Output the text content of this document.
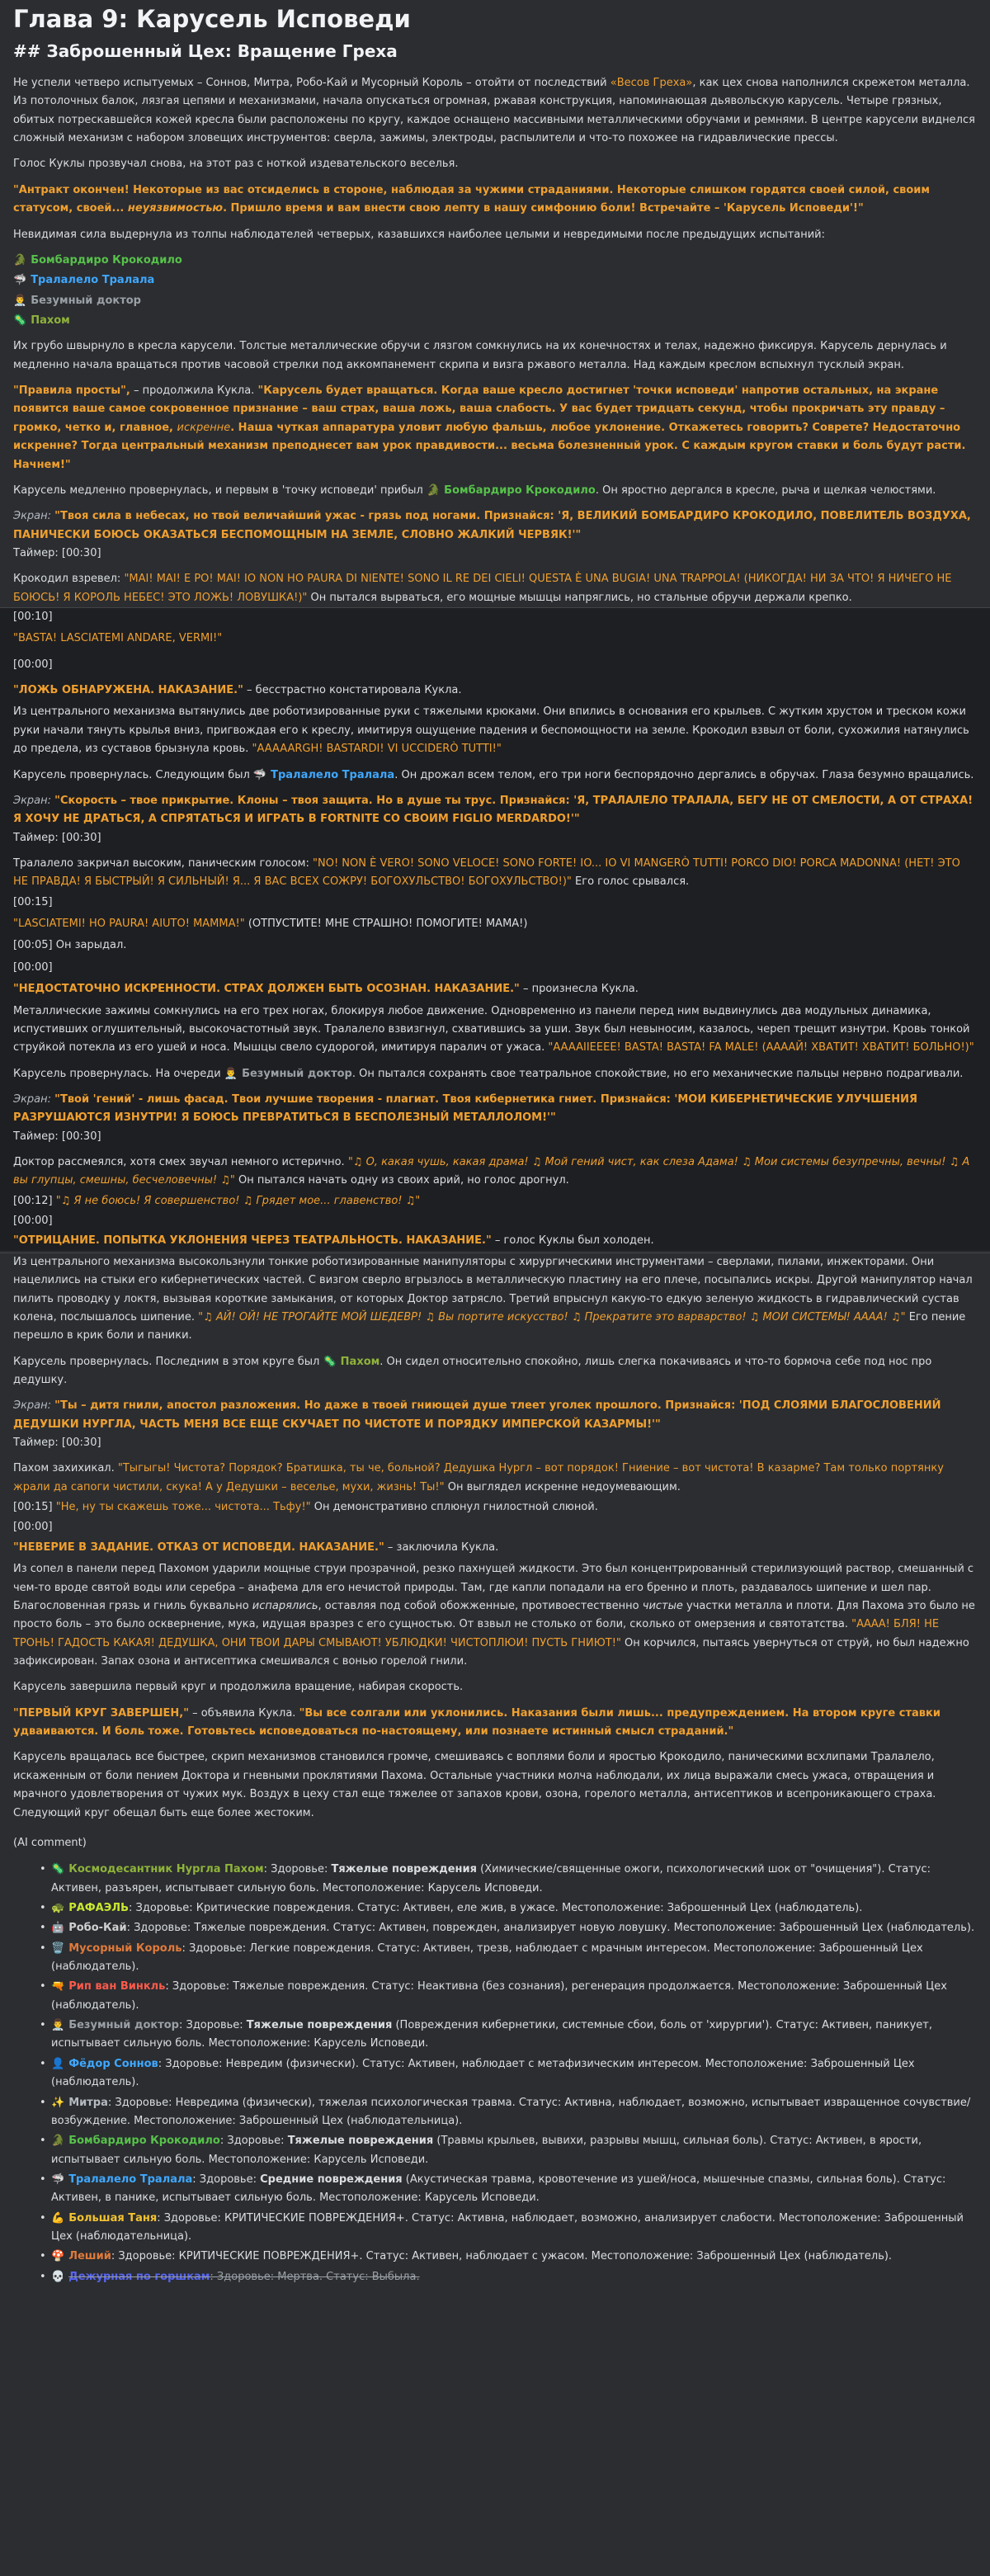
Глава 9: Карусель Исповеди
## Заброшенный Цех: Вращение Греха

Не успели четверо испытуемых – Соннов, Митра, Робо-Кай и Мусорный Король – отойти от последствий «Весов Греха», как цех снова наполнился скрежетом металла. Из потолочных балок, лязгая цепями и механизмами, начала опускаться огромная, ржавая конструкция, напоминающая дьявольскую карусель. Четыре грязных, обитых потрескавшейся кожей кресла были расположены по кругу, каждое оснащено массивными металлическими обручами и ремнями. В центре карусели виднелся сложный механизм с набором зловещих инструментов: сверла, зажимы, электроды, распылители и что-то похожее на гидравлические прессы.

Голос Куклы прозвучал снова, на этот раз с ноткой издевательского веселья.

"Антракт окончен! Некоторые из вас отсиделись в стороне, наблюдая за чужими страданиями. Некоторые слишком гордятся своей силой, своим статусом, своей... неуязвимостью. Пришло время и вам внести свою лепту в нашу симфонию боли! Встречайте – 'Карусель Исповеди'!"

Невидимая сила выдернула из толпы наблюдателей четверых, казавшихся наиболее целыми и невредимыми после предыдущих испытаний:

🐊 Бомбардиро Крокодило
🦈 Тралалело Тралала
👨‍⚕️ Безумный доктор
🦠 Пахом

Их грубо швырнуло в кресла карусели. Толстые металлические обручи с лязгом сомкнулись на их конечностях и телах, надежно фиксируя. Карусель дернулась и медленно начала вращаться против часовой стрелки под аккомпанемент скрипа и визга ржавого металла. Над каждым креслом вспыхнул тусклый экран.

"Правила просты", – продолжила Кукла. "Карусель будет вращаться. Когда ваше кресло достигнет 'точки исповеди' напротив остальных, на экране появится ваше самое сокровенное признание – ваш страх, ваша ложь, ваша слабость. У вас будет тридцать секунд, чтобы прокричать эту правду – громко, четко и, главное, искренне. Наша чуткая аппаратура уловит любую фальшь, любое уклонение. Откажетесь говорить? Соврете? Недостаточно искренне? Тогда центральный механизм преподнесет вам урок правдивости... весьма болезненный урок. С каждым кругом ставки и боль будут расти. Начнем!"

Карусель медленно провернулась, и первым в 'точку исповеди' прибыл 🐊 Бомбардиро Крокодило. Он яростно дергался в кресле, рыча и щелкая челюстями.

Экран: "Твоя сила в небесах, но твой величайший ужас - грязь под ногами. Признайся: 'Я, ВЕЛИКИЙ БОМБАРДИРО КРОКОДИЛО, ПОВЕЛИТЕЛЬ ВОЗДУХА, ПАНИЧЕСКИ БОЮСЬ ОКАЗАТЬСЯ БЕСПОМОЩНЫМ НА ЗЕМЛЕ, СЛОВНО ЖАЛКИЙ ЧЕРВЯК!'"

Таймер: [00:30]

Крокодил взревел: "MAI! MAI! E PO! MAI! IO NON HO PAURA DI NIENTE! SONO IL RE DEI CIELI! QUESTA È UNA BUGIA! UNA TRAPPOLA! (НИКОГДА! НИ ЗА ЧТО! Я НИЧЕГО НЕ БОЮСЬ! Я КОРОЛЬ НЕБЕС! ЭТО ЛОЖЬ! ЛОВУШКА!)" Он пытался вырваться, его мощные мышцы напряглись, но стальные обручи держали крепко.

[00:10]

"BASTA! LASCIATEMI ANDARE, VERMI!"

[00:00]

"ЛОЖЬ ОБНАРУЖЕНА. НАКАЗАНИЕ." – бесстрастно констатировала Кукла.

Из центрального механизма вытянулись две роботизированные руки с тяжелыми крюками. Они впились в основания его крыльев. С жутким хрустом и треском кожи руки начали тянуть крылья вниз, пригвождая его к креслу, имитируя ощущение падения и беспомощности на земле. Крокодил взвыл от боли, сухожилия натянулись до предела, из суставов брызнула кровь. "AAAAARGH! BASTARDI! VI UCCIDERÒ TUTTI!"

Карусель провернулась. Следующим был 🦈 Тралалело Тралала. Он дрожал всем телом, его три ноги беспорядочно дергались в обручах. Глаза безумно вращались.

Экран: "Скорость – твое прикрытие. Клоны – твоя защита. Но в душе ты трус. Признайся: 'Я, ТРАЛАЛЕЛО ТРАЛАЛА, БЕГУ НЕ ОТ СМЕЛОСТИ, А ОТ СТРАХА! Я ХОЧУ НЕ ДРАТЬСЯ, А СПРЯТАТЬСЯ И ИГРАТЬ В FORTNITE СО СВОИМ FIGLIO MERDARDO!'"

Таймер: [00:30]

Тралалело закричал высоким, паническим голосом: "NO! NON È VERO! SONO VELOCE! SONO FORTE! IO... IO VI MANGERÒ TUTTI! PORCO DIO! PORCA MADONNA! (НЕТ! ЭТО НЕ ПРАВДА! Я БЫСТРЫЙ! Я СИЛЬНЫЙ! Я... Я ВАС ВСЕХ СОЖРУ! БОГОХУЛЬСТВО! БОГОХУЛЬСТВО!)" Его голос срывался.

[00:15]

"LASCIATEMI! HO PAURA! AIUTO! MAMMA!" (ОТПУСТИТЕ! МНЕ СТРАШНО! ПОМОГИТЕ! МАМА!)

[00:05] Он зарыдал.

[00:00]

"НЕДОСТАТОЧНО ИСКРЕННОСТИ. СТРАХ ДОЛЖЕН БЫТЬ ОСОЗНАН. НАКАЗАНИЕ." – произнесла Кукла.

Металлические зажимы сомкнулись на его трех ногах, блокируя любое движение. Одновременно из панели перед ним выдвинулись два модульных динамика, испустивших оглушительный, высокочастотный звук. Тралалело взвизгнул, схватившись за уши. Звук был невыносим, казалось, череп трещит изнутри. Кровь тонкой струйкой потекла из его ушей и носа. Мышцы свело судорогой, имитируя паралич от ужаса. "AAAAIIEEEE! BASTA! BASTA! FA MALE! (ААААЙ! ХВАТИТ! ХВАТИТ! БОЛЬНО!)"

Карусель провернулась. На очереди 👨‍⚕️ Безумный доктор. Он пытался сохранять свое театральное спокойствие, но его механические пальцы нервно подрагивали.

Экран: "Твой 'гений' - лишь фасад. Твои лучшие творения - плагиат. Твоя кибернетика гниет. Признайся: 'МОИ КИБЕРНЕТИЧЕСКИЕ УЛУЧШЕНИЯ РАЗРУШАЮТСЯ ИЗНУТРИ! Я БОЮСЬ ПРЕВРАТИТЬСЯ В БЕСПОЛЕЗНЫЙ МЕТАЛЛОЛОМ!'"

Таймер: [00:30]

Доктор рассмеялся, хотя смех звучал немного истерично. "♫ О, какая чушь, какая драма! ♫ Мой гений чист, как слеза Адама! ♫ Мои системы безупречны, вечны! ♫ А вы глупцы, смешны, бесчеловечны! ♫" Он пытался начать одну из своих арий, но голос дрогнул.

[00:12] "♫ Я не боюсь! Я совершенство! ♫ Грядет мое... главенство! ♫"

[00:00]

"ОТРИЦАНИЕ. ПОПЫТКА УКЛОНЕНИЯ ЧЕРЕЗ ТЕАТРАЛЬНОСТЬ. НАКАЗАНИЕ." – голос Куклы был холоден.

Из центрального механизма высокользнули тонкие роботизированные манипуляторы с хирургическими инструментами – сверлами, пилами, инжекторами. Они нацелились на стыки его кибернетических частей. С визгом сверло вгрызлось в металлическую пластину на его плече, посыпались искры. Другой манипулятор начал пилить проводку у локтя, вызывая короткие замыкания, от которых Доктор затрясло. Третий впрыснул какую-то едкую зеленую жидкость в гидравлический сустав колена, послышалось шипение. "♫ АЙ! ОЙ! НЕ ТРОГАЙТЕ МОЙ ШЕДЕВР! ♫ Вы портите искусство! ♫ Прекратите это варварство! ♫ МОИ СИСТЕМЫ! АААА! ♫" Его пение перешло в крик боли и паники.

Карусель провернулась. Последним в этом круге был 🦠 Пахом. Он сидел относительно спокойно, лишь слегка покачиваясь и что-то бормоча себе под нос про дедушку.

Экран: "Ты – дитя гнили, апостол разложения. Но даже в твоей гниющей душе тлеет уголек прошлого. Признайся: 'ПОД СЛОЯМИ БЛАГОСЛОВЕНИЙ ДЕДУШКИ НУРГЛА, ЧАСТЬ МЕНЯ ВСЕ ЕЩЕ СКУЧАЕТ ПО ЧИСТОТЕ И ПОРЯДКУ ИМПЕРСКОЙ КАЗАРМЫ!'"

Таймер: [00:30]

Пахом захихикал. "Тыгыгы! Чистота? Порядок? Братишка, ты че, больной? Дедушка Нургл – вот порядок! Гниение – вот чистота! В казарме? Там только портянку жрали да сапоги чистили, скука! А у Дедушки – веселье, мухи, жизнь! Ты!" Он выглядел искренне недоумевающим.

[00:15] "Не, ну ты скажешь тоже... чистота... Тьфу!" Он демонстративно сплюнул гнилостной слюной.

[00:00]

"НЕВЕРИЕ В ЗАДАНИЕ. ОТКАЗ ОТ ИСПОВЕДИ. НАКАЗАНИЕ." – заключила Кукла.

Из сопел в панели перед Пахомом ударили мощные струи прозрачной, резко пахнущей жидкости. Это был концентрированный стерилизующий раствор, смешанный с чем-то вроде святой воды или серебра – анафема для его нечистой природы. Там, где капли попадали на его бренно и плоть, раздавалось шипение и шел пар. Благословенная грязь и гниль буквально испарялись, оставляя под собой обожженные, противоестественно чистые участки металла и плоти. Для Пахома это было не просто боль – это было осквернение, мука, идущая вразрез с его сущностью. От взвыл не столько от боли, сколько от омерзения и святотатства. "АААА! БЛЯ! НЕ ТРОНЬ! ГАДОСТЬ КАКАЯ! ДЕДУШКА, ОНИ ТВОИ ДАРЫ СМЫВАЮТ! УБЛЮДКИ! ЧИСТОПЛЮИ! ПУСТЬ ГНИЮТ!" Он корчился, пытаясь увернуться от струй, но был надежно зафиксирован. Запах озона и антисептика смешивался с вонью горелой гнили.

Карусель завершила первый круг и продолжила вращение, набирая скорость.

"ПЕРВЫЙ КРУГ ЗАВЕРШЕН," – объявила Кукла. "Вы все солгали или уклонились. Наказания были лишь... предупреждением. На втором круге ставки удваиваются. И боль тоже. Готовьтесь исповедоваться по-настоящему, или познаете истинный смысл страданий."

Карусель вращалась все быстрее, скрип механизмов становился громче, смешиваясь с воплями боли и яростью Крокодило, паническими всхлипами Тралалело, искаженным от боли пением Доктора и гневными проклятиями Пахома. Остальные участники молча наблюдали, их лица выражали смесь ужаса, отвращения и мрачного удовлетворения от чужих мук. Воздух в цеху стал еще тяжелее от запахов крови, озона, горелого металла, антисептиков и всепроникающего страха. Следующий круг обещал быть еще более жестоким.

(AI comment)

• 🦠 Космодесантник Нургла Пахом: Здоровье: Тяжелые повреждения (Химические/священные ожоги, психологический шок от "очищения"). Статус: Активен, разъярен, испытывает сильную боль. Местоположение: Карусель Исповеди.
• 🐢 РАФАЭЛЬ: Здоровье: Критические повреждения. Статус: Активен, еле жив, в ужасе. Местоположение: Заброшенный Цех (наблюдатель).
• 🤖 Робо-Кай: Здоровье: Тяжелые повреждения. Статус: Активен, поврежден, анализирует новую ловушку. Местоположение: Заброшенный Цех (наблюдатель).
• 🗑️ Мусорный Король: Здоровье: Легкие повреждения. Статус: Активен, трезв, наблюдает с мрачным интересом. Местоположение: Заброшенный Цех (наблюдатель).
• 🔫 Рип ван Винкль: Здоровье: Тяжелые повреждения. Статус: Неактивна (без сознания), регенерация продолжается. Местоположение: Заброшенный Цех (наблюдатель).
• 👨‍⚕️ Безумный доктор: Здоровье: Тяжелые повреждения (Повреждения кибернетики, системные сбои, боль от 'хирургии'). Статус: Активен, паникует, испытывает сильную боль. Местоположение: Карусель Исповеди.
• 👤 Фёдор Соннов: Здоровье: Невредим (физически). Статус: Активен, наблюдает с метафизическим интересом. Местоположение: Заброшенный Цех (наблюдатель).
• ✨ Митра: Здоровье: Невредима (физически), тяжелая психологическая травма. Статус: Активна, наблюдает, возможно, испытывает извращенное сочувствие/возбуждение. Местоположение: Заброшенный Цех (наблюдательница).
• 🐊 Бомбардиро Крокодило: Здоровье: Тяжелые повреждения (Травмы крыльев, вывихи, разрывы мышц, сильная боль). Статус: Активен, в ярости, испытывает сильную боль. Местоположение: Карусель Исповеди.
• 🦈 Тралалело Тралала: Здоровье: Средние повреждения (Акустическая травма, кровотечение из ушей/носа, мышечные спазмы, сильная боль). Статус: Активен, в панике, испытывает сильную боль. Местоположение: Карусель Исповеди.
• 💪 Большая Таня: Здоровье: КРИТИЧЕСКИЕ ПОВРЕЖДЕНИЯ+. Статус: Активна, наблюдает, возможно, анализирует слабости. Местоположение: Заброшенный Цех (наблюдательница).
• 🍄 Леший: Здоровье: КРИТИЧЕСКИЕ ПОВРЕЖДЕНИЯ+. Статус: Активен, наблюдает с ужасом. Местоположение: Заброшенный Цех (наблюдатель).
• 💀 Дежурная по горшкам: Здоровье: Мертва. Статус: Выбыла.
